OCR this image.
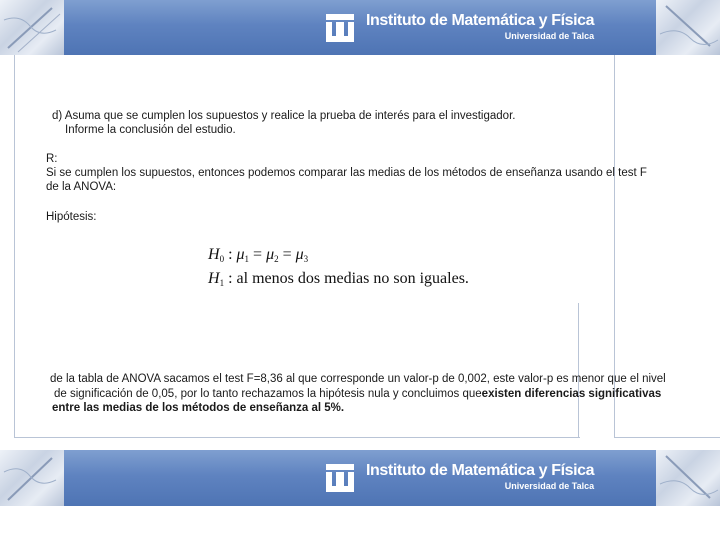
Instituto de Matemática y Física
Universidad de Talca
d) Asuma que se cumplen los supuestos y realice la prueba de interés para el investigador.
Informe la conclusión del estudio.
R:
Si se cumplen los supuestos, entonces podemos comparar las medias de los métodos de enseñanza usando el test F
de la ANOVA:
Hipótesis:
$H_0$ : $\mu_1 = \mu_2 = \mu_3$
$H_1$ : al menos dos medias no son iguales.
de la tabla de ANOVA sacamos el test F=8,36 al que corresponde un valor-p de 0,002, este valor-p es menor que el nivel
de significación de 0,05, por lo tanto rechazamos la hipótesis nula y concluimos queexisten diferencias significativas
entre las medias de los métodos de enseñanza al 5%.
Instituto de Matemática y Física
Universidad de Talca
